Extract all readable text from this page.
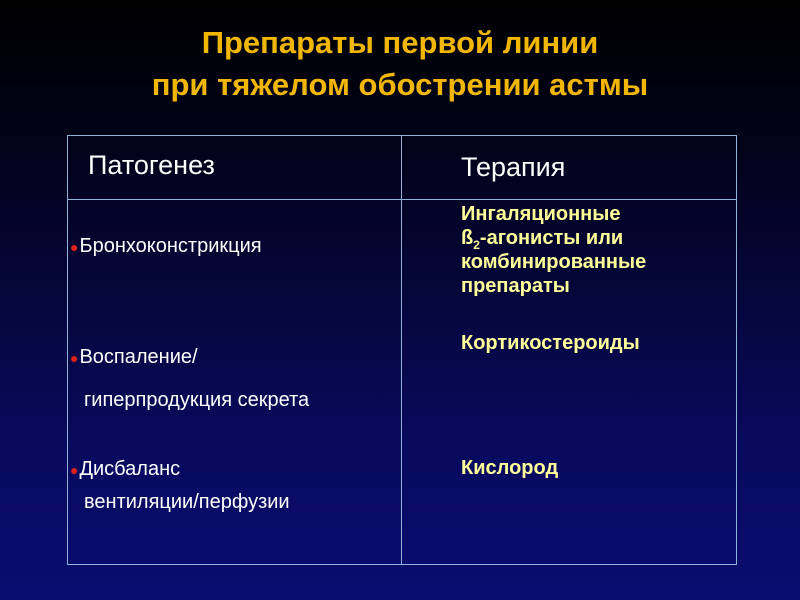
Препараты первой линии
при тяжелом обострении астмы
Патогенез	Терапия
●Бронхоконстрикция
●Воспаление/
гиперпродукция секрета
●Дисбаланс
вентиляции/перфузии
Ингаляционные
$ß_2$-агонисты или
комбинированные
препараты
Кортикостероиды
Кислород
